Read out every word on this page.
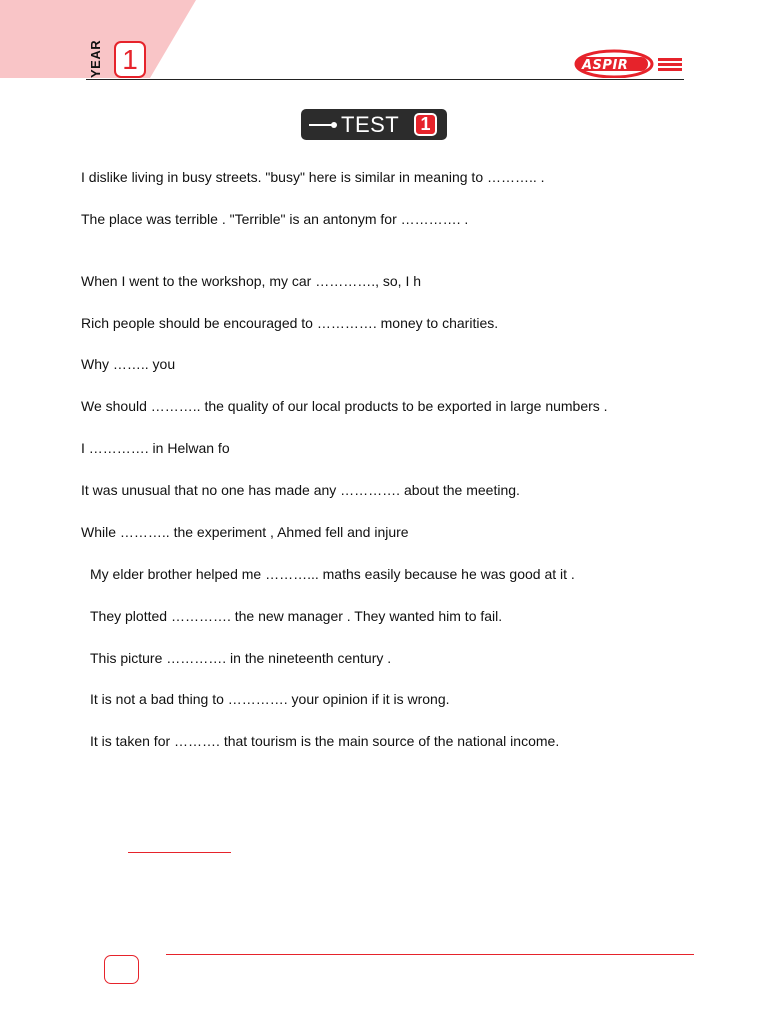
YEAR 1	ASPIR
TEST	1
I dislike living in busy streets. "busy" here is similar in meaning to ……….. .
The place was terrible . "Terrible" is an antonym for …………. .
When I went to the workshop, my car …………., so, I h
Rich people should be encouraged to …………. money to charities.
Why …….. you
We should ……….. the quality of our local products to be exported in large numbers .
I …………. in Helwan fo
It was unusual that no one has made any …………. about the meeting.
While ……….. the experiment , Ahmed fell and injure
My elder brother helped me ………... maths easily because he was good at it .
They plotted …………. the new manager . They wanted him to fail.
This picture …………. in the nineteenth century .
It is not a bad thing to …………. your opinion if it is wrong.
It is taken for ………. that tourism is the main source of the national income.
